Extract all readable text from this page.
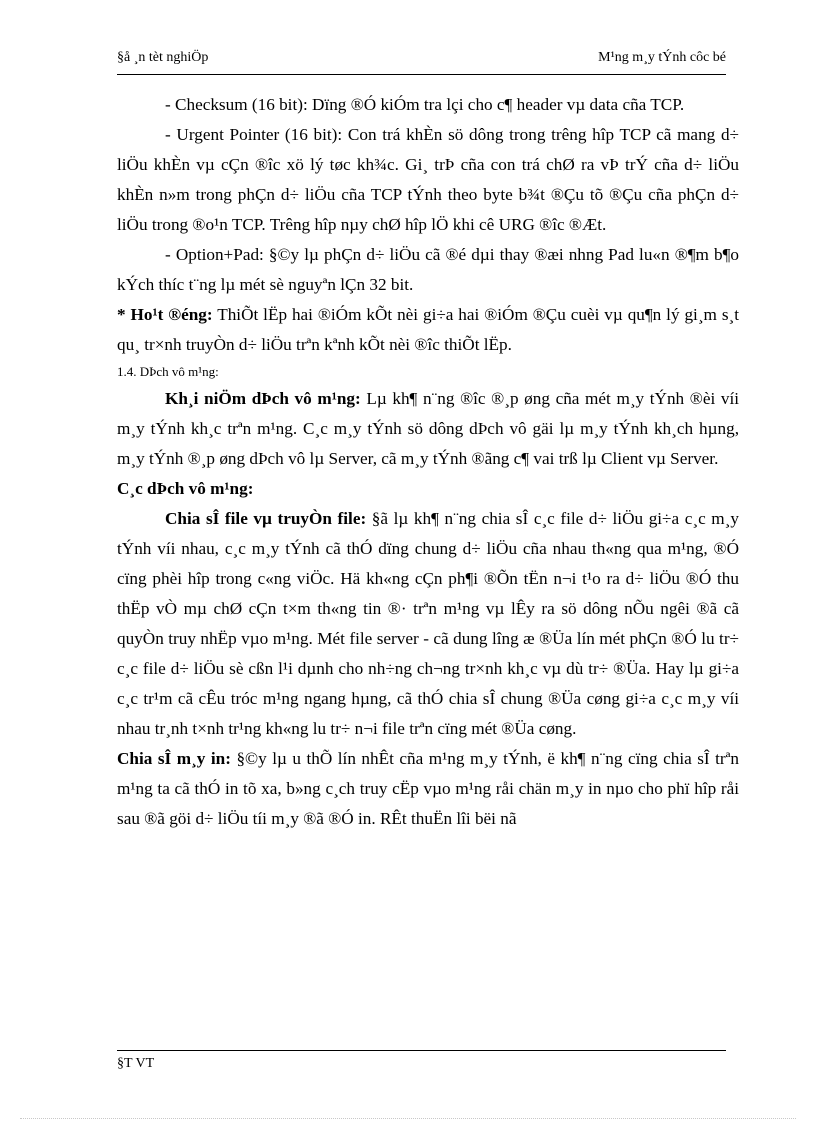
§å ¸n tèt nghiÖp	M¹ng m¸y tÝnh côc bé

- Checksum (16 bit): Dïng ®Ó kiÓm tra lçi cho c¶ header vµ data cña TCP.

- Urgent Pointer (16 bit): Con trá khÈn sö dông trong trêng hîp TCP cã mang d÷ liÖu khÈn vµ cÇn ®îc xö lý tøc kh¾c. Gi¸ trÞ cña con trá chØ ra vÞ trÝ cña d÷ liÖu khÈn n»m trong phÇn d÷ liÖu cña TCP tÝnh theo byte b¾t ®Çu tõ ®Çu cña phÇn d÷ liÖu trong ®o¹n TCP. Trêng hîp nµy chØ hîp lÖ khi cê URG ®îc ®Æt.

- Option+Pad: §©y lµ phÇn d÷ liÖu cã ®é dµi thay ®æi nhng Pad lu«n ®¶m b¶o kÝch thíc t¨ng lµ mét sè nguyªn lÇn 32 bit.

* Ho¹t ®éng: ThiÕt lËp hai ®iÓm kÕt nèi gi÷a hai ®iÓm ®Çu cuèi vµ qu¶n lý gi¸m s¸t qu¸ tr×nh truyÒn d÷ liÖu trªn kªnh kÕt nèi ®îc thiÕt lËp.

1.4. DÞch vô m¹ng:

Kh¸i niÖm dÞch vô m¹ng: Lµ kh¶ n¨ng ®îc ®¸p øng cña mét m¸y tÝnh ®èi víi m¸y tÝnh kh¸c trªn m¹ng. C¸c m¸y tÝnh sö dông dÞch vô gäi lµ m¸y tÝnh kh¸ch hµng, m¸y tÝnh ®¸p øng dÞch vô lµ Server, cã m¸y tÝnh ®ãng c¶ vai trß lµ Client vµ Server.

C¸c dÞch vô m¹ng:

Chia sÎ file vµ truyÒn file: §ã lµ kh¶ n¨ng chia sÎ c¸c file d÷ liÖu gi÷a c¸c m¸y tÝnh víi nhau, c¸c m¸y tÝnh cã thÓ dïng chung d÷ liÖu cña nhau th«ng qua m¹ng, ®Ó cïng phèi hîp trong c«ng viÖc. Hä kh«ng cÇn ph¶i ®Õn tËn n¬i t¹o ra d÷ liÖu ®Ó thu thËp vÒ mµ chØ cÇn t×m th«ng tin ®· trªn m¹ng vµ lÊy ra sö dông nÕu ngêi ®ã cã quyÒn truy nhËp vµo m¹ng. Mét file server - cã dung lîng æ ®Üa lín mét phÇn ®Ó lu tr÷ c¸c file d÷ liÖu sè cßn l¹i dµnh cho nh÷ng ch¬ng tr×nh kh¸c vµ dù tr÷ ®Üa. Hay lµ gi÷a c¸c tr¹m cã cÊu tróc m¹ng ngang hµng, cã thÓ chia sÎ chung ®Üa cøng gi÷a c¸c m¸y víi nhau tr¸nh t×nh tr¹ng kh«ng lu tr÷ n¬i file trªn cïng mét ®Üa cøng.

Chia sÎ m¸y in: §©y lµ u thÕ lín nhÊt cña m¹ng m¸y tÝnh, ë kh¶ n¨ng cïng chia sÎ trªn m¹ng ta cã thÓ in tõ xa, b»ng c¸ch truy cËp vµo m¹ng råi chän m¸y in nµo cho phï hîp råi sau ®ã göi d÷ liÖu tíi m¸y ®ã ®Ó in. RÊt thuËn lîi bëi nã

§T VT
